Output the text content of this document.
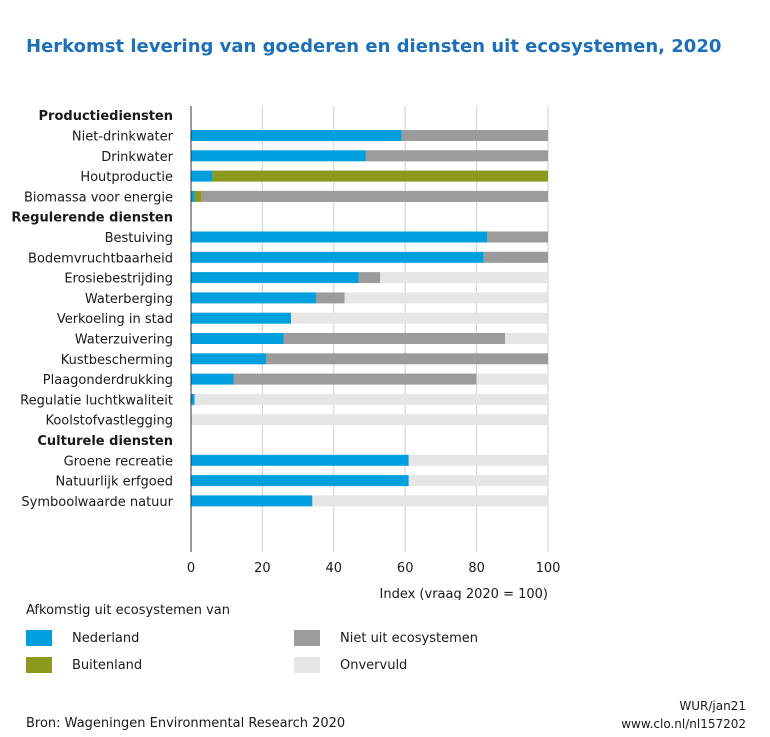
Herkomst levering van goederen en diensten uit ecosystemen, 2020
Productiediensten
Niet-drinkwater
Drinkwater
Houtproductie
Biomassa voor energie
Regulerende diensten
Bestuiving
Bodemvruchtbaarheid
Erosiebestrijding
Waterberging
Verkoeling in stad
Waterzuivering
Kustbescherming
Plaagonderdrukking
Regulatie luchtkwaliteit
Koolstofvastlegging
Culturele diensten
Groene recreatie
Natuurlijk erfgoed
Symboolwaarde natuur
0	20	40	60	80	100
Index (vraag 2020 = 100)
Afkomstig uit ecosystemen van
Nederland	Niet uit ecosystemen
Buitenland	Onvervuld
WUR/jan21
www.clo.nl/nl157202
Bron: Wageningen Environmental Research 2020
